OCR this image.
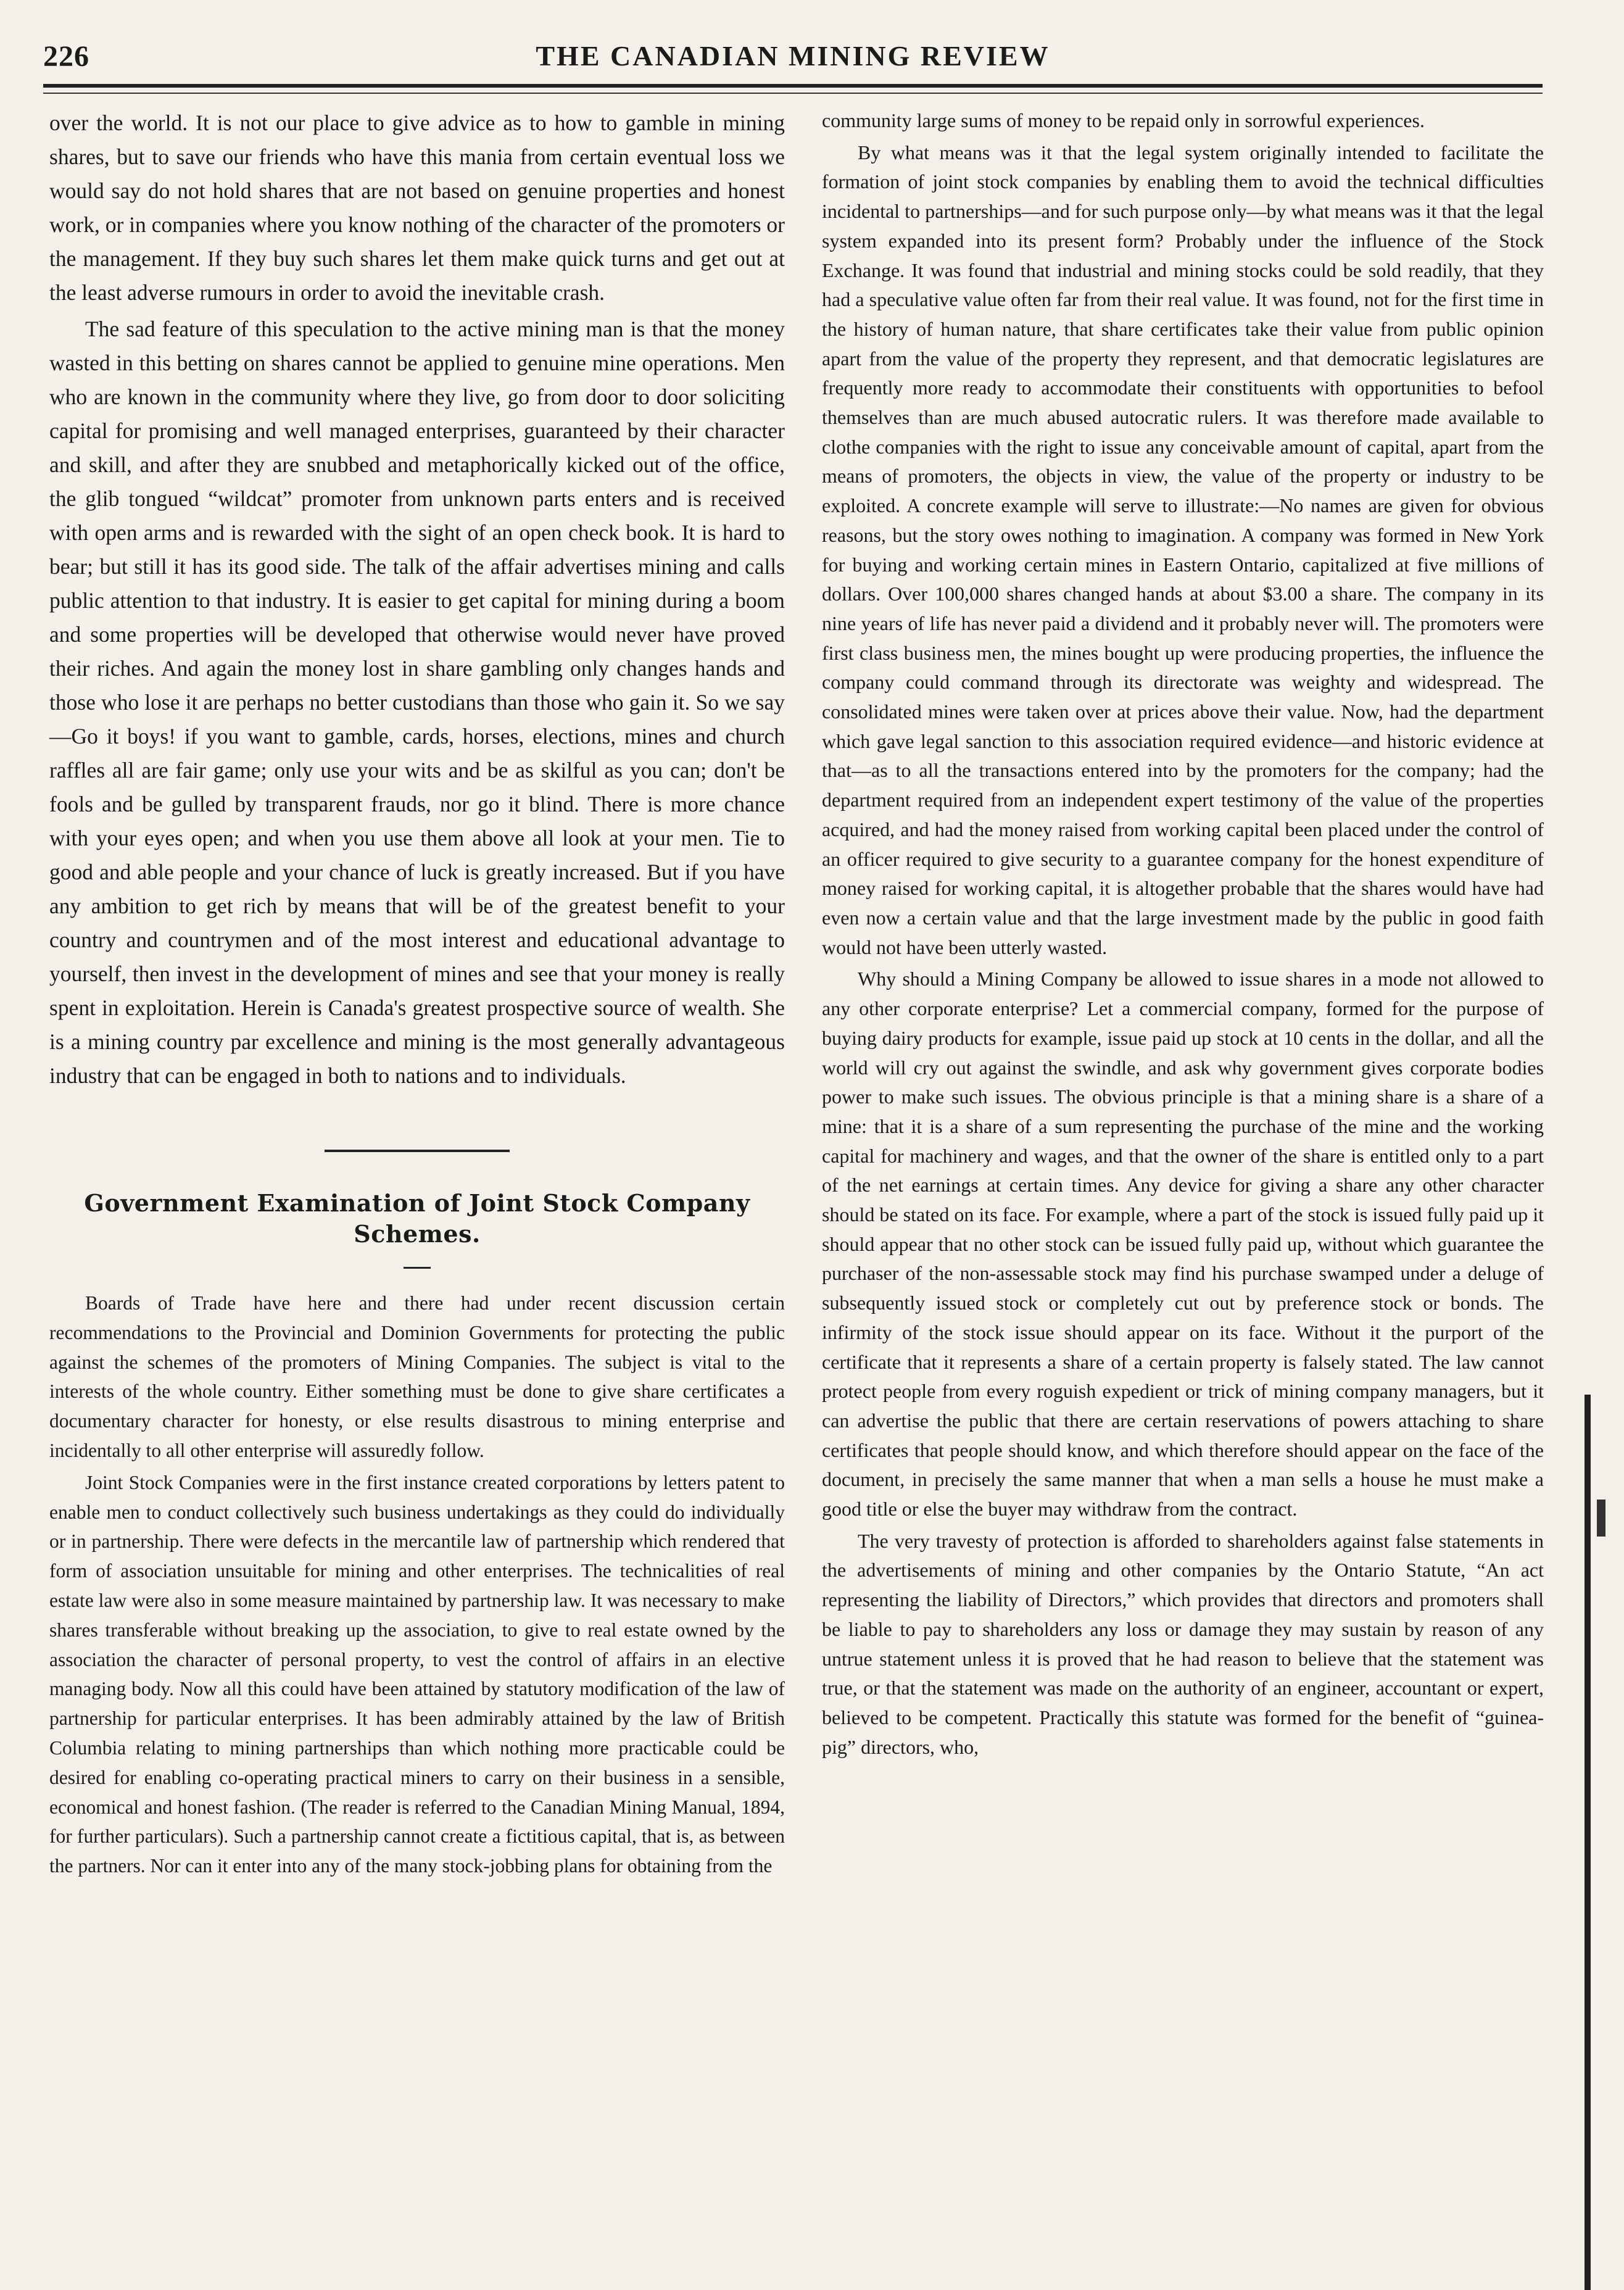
226	THE CANADIAN MINING REVIEW

over the world. It is not our place to give advice as to how to gamble in mining shares, but to save our friends who have this mania from certain eventual loss we would say do not hold shares that are not based on genuine properties and honest work, or in companies where you know nothing of the character of the promoters or the management. If they buy such shares let them make quick turns and get out at the least adverse rumours in order to avoid the inevitable crash.

The sad feature of this speculation to the active mining man is that the money wasted in this betting on shares cannot be applied to genuine mine operations. Men who are known in the community where they live, go from door to door soliciting capital for promising and well managed enterprises, guaranteed by their character and skill, and after they are snubbed and metaphorically kicked out of the office, the glib tongued “wildcat” promoter from unknown parts enters and is received with open arms and is rewarded with the sight of an open check book. It is hard to bear; but still it has its good side. The talk of the affair advertises mining and calls public attention to that industry. It is easier to get capital for mining during a boom and some properties will be developed that otherwise would never have proved their riches. And again the money lost in share gambling only changes hands and those who lose it are perhaps no better custodians than those who gain it. So we say—Go it boys! if you want to gamble, cards, horses, elections, mines and church raffles all are fair game; only use your wits and be as skilful as you can; don't be fools and be gulled by transparent frauds, nor go it blind. There is more chance with your eyes open; and when you use them above all look at your men. Tie to good and able people and your chance of luck is greatly increased. But if you have any ambition to get rich by means that will be of the greatest benefit to your country and countrymen and of the most interest and educational advantage to yourself, then invest in the development of mines and see that your money is really spent in exploitation. Herein is Canada's greatest prospective source of wealth. She is a mining country par excellence and mining is the most generally advantageous industry that can be engaged in both to nations and to individuals.

Government Examination of Joint Stock Company Schemes.

Boards of Trade have here and there had under recent discussion certain recommendations to the Provincial and Dominion Governments for protecting the public against the schemes of the promoters of Mining Companies. The subject is vital to the interests of the whole country. Either something must be done to give share certificates a documentary character for honesty, or else results disastrous to mining enterprise and incidentally to all other enterprise will assuredly follow.

Joint Stock Companies were in the first instance created corporations by letters patent to enable men to conduct collectively such business undertakings as they could do individually or in partnership. There were defects in the mercantile law of partnership which rendered that form of association unsuitable for mining and other enterprises. The technicalities of real estate law were also in some measure maintained by partnership law. It was necessary to make shares transferable without breaking up the association, to give to real estate owned by the association the character of personal property, to vest the control of affairs in an elective managing body. Now all this could have been attained by statutory modification of the law of partnership for particular enterprises. It has been admirably attained by the law of British Columbia relating to mining partnerships than which nothing more practicable could be desired for enabling co-operating practical miners to carry on their business in a sensible, economical and honest fashion. (The reader is referred to the Canadian Mining Manual, 1894, for further particulars). Such a partnership cannot create a fictitious capital, that is, as between the partners. Nor can it enter into any of the many stock-jobbing plans for obtaining from the

community large sums of money to be repaid only in sorrowful experiences.

By what means was it that the legal system originally intended to facilitate the formation of joint stock companies by enabling them to avoid the technical difficulties incidental to partnerships—and for such purpose only—by what means was it that the legal system expanded into its present form? Probably under the influence of the Stock Exchange. It was found that industrial and mining stocks could be sold readily, that they had a speculative value often far from their real value. It was found, not for the first time in the history of human nature, that share certificates take their value from public opinion apart from the value of the property they represent, and that democratic legislatures are frequently more ready to accommodate their constituents with opportunities to befool themselves than are much abused autocratic rulers. It was therefore made available to clothe companies with the right to issue any conceivable amount of capital, apart from the means of promoters, the objects in view, the value of the property or industry to be exploited. A concrete example will serve to illustrate:—No names are given for obvious reasons, but the story owes nothing to imagination. A company was formed in New York for buying and working certain mines in Eastern Ontario, capitalized at five millions of dollars. Over 100,000 shares changed hands at about $3.00 a share. The company in its nine years of life has never paid a dividend and it probably never will. The promoters were first class business men, the mines bought up were producing properties, the influence the company could command through its directorate was weighty and widespread. The consolidated mines were taken over at prices above their value. Now, had the department which gave legal sanction to this association required evidence—and historic evidence at that—as to all the transactions entered into by the promoters for the company; had the department required from an independent expert testimony of the value of the properties acquired, and had the money raised from working capital been placed under the control of an officer required to give security to a guarantee company for the honest expenditure of money raised for working capital, it is altogether probable that the shares would have had even now a certain value and that the large investment made by the public in good faith would not have been utterly wasted.

Why should a Mining Company be allowed to issue shares in a mode not allowed to any other corporate enterprise? Let a commercial company, formed for the purpose of buying dairy products for example, issue paid up stock at 10 cents in the dollar, and all the world will cry out against the swindle, and ask why government gives corporate bodies power to make such issues. The obvious principle is that a mining share is a share of a mine: that it is a share of a sum representing the purchase of the mine and the working capital for machinery and wages, and that the owner of the share is entitled only to a part of the net earnings at certain times. Any device for giving a share any other character should be stated on its face. For example, where a part of the stock is issued fully paid up it should appear that no other stock can be issued fully paid up, without which guarantee the purchaser of the non-assessable stock may find his purchase swamped under a deluge of subsequently issued stock or completely cut out by preference stock or bonds. The infirmity of the stock issue should appear on its face. Without it the purport of the certificate that it represents a share of a certain property is falsely stated. The law cannot protect people from every roguish expedient or trick of mining company managers, but it can advertise the public that there are certain reservations of powers attaching to share certificates that people should know, and which therefore should appear on the face of the document, in precisely the same manner that when a man sells a house he must make a good title or else the buyer may withdraw from the contract.

The very travesty of protection is afforded to shareholders against false statements in the advertisements of mining and other companies by the Ontario Statute, “An act representing the liability of Directors,” which provides that directors and promoters shall be liable to pay to shareholders any loss or damage they may sustain by reason of any untrue statement unless it is proved that he had reason to believe that the statement was true, or that the statement was made on the authority of an engineer, accountant or expert, believed to be competent. Practically this statute was formed for the benefit of “guinea-pig” directors, who,
